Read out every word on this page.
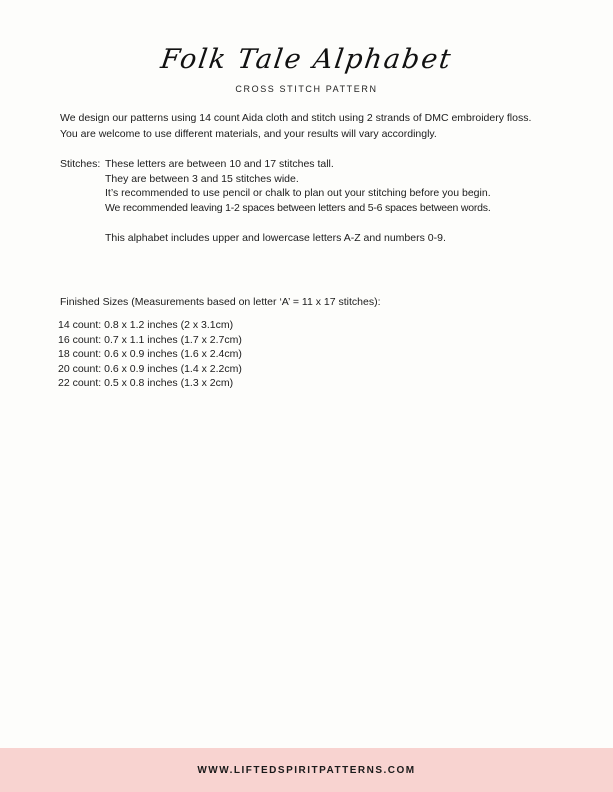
Folk Tale Alphabet
CROSS STITCH PATTERN

We design our patterns using 14 count Aida cloth and stitch using 2 strands of DMC embroidery floss. You are welcome to use different materials, and your results will vary accordingly.

Stitches: These letters are between 10 and 17 stitches tall.
They are between 3 and 15 stitches wide.
It’s recommended to use pencil or chalk to plan out your stitching before you begin.
We recommended leaving 1-2 spaces between letters and 5-6 spaces between words.
This alphabet includes upper and lowercase letters A-Z and numbers 0-9.
Finished Sizes (Measurements based on letter ‘A’ = 11 x 17 stitches):
14 count: 0.8 x 1.2 inches (2 x 3.1cm)
16 count: 0.7 x 1.1 inches (1.7 x 2.7cm)
18 count: 0.6 x 0.9 inches (1.6 x 2.4cm)
20 count: 0.6 x 0.9 inches (1.4 x 2.2cm)
22 count: 0.5 x 0.8 inches (1.3 x 2cm)
WWW.LIFTEDSPIRITPATTERNS.COM
